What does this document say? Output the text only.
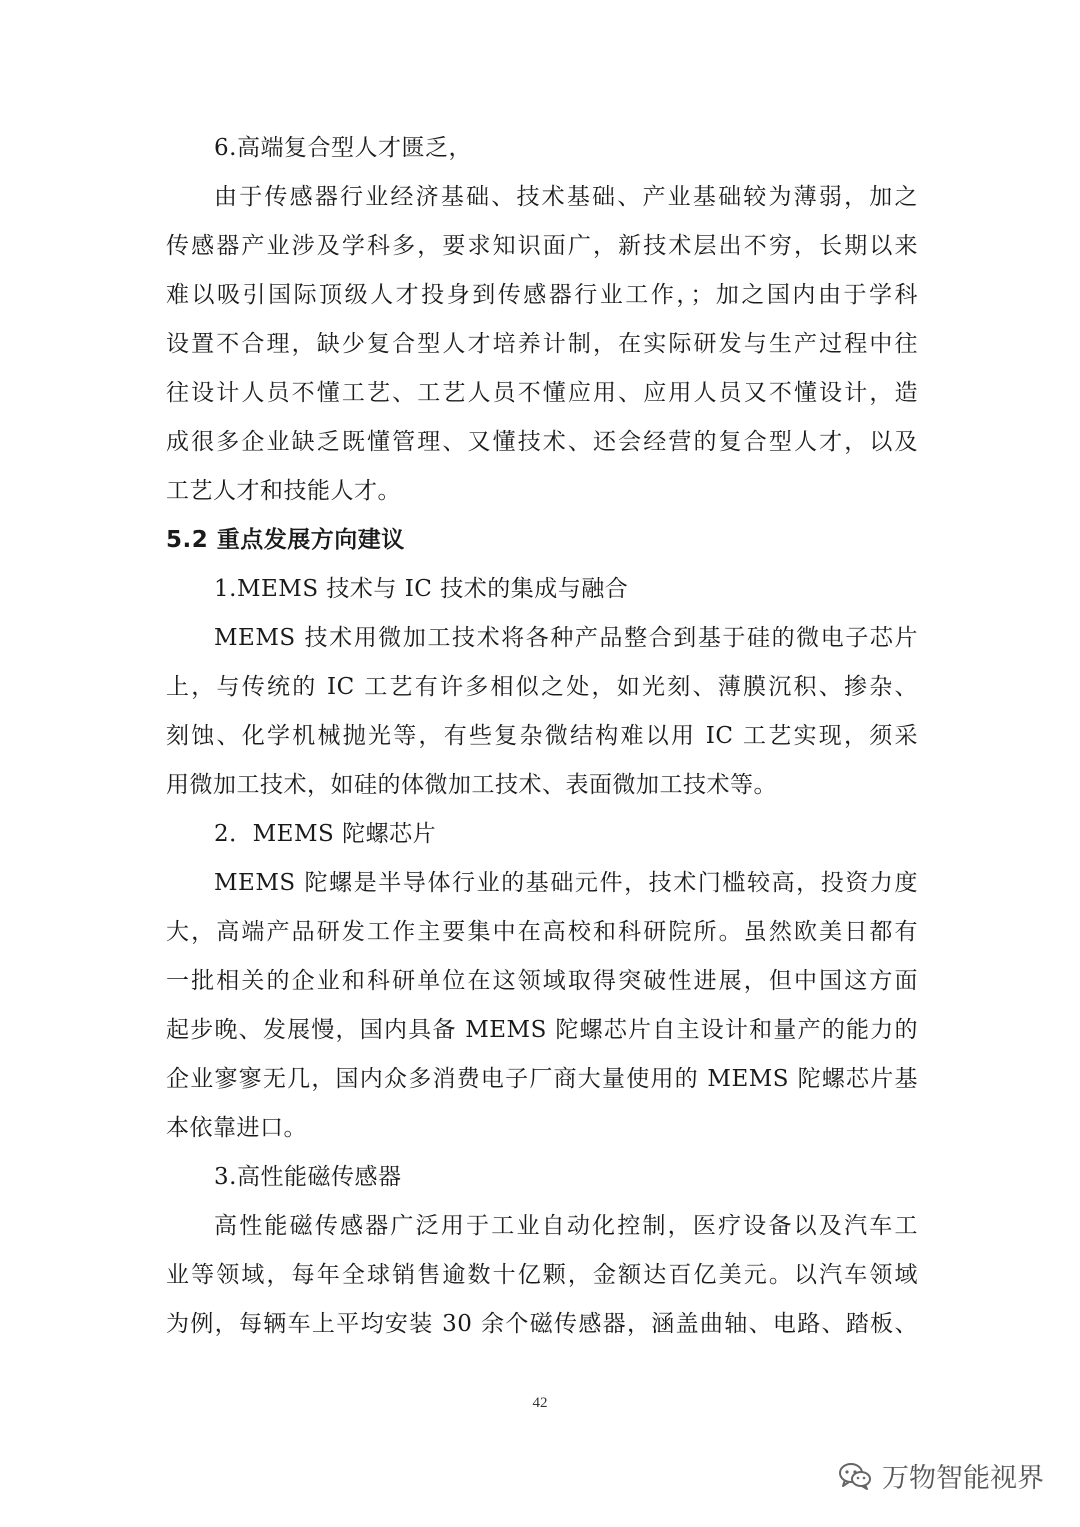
6.高端复合型人才匮乏，
由于传感器行业经济基础、技术基础、产业基础较为薄弱，加之
传感器产业涉及学科多，要求知识面广，新技术层出不穷，长期以来
难以吸引国际顶级人才投身到传感器行业工作，；加之国内由于学科
设置不合理，缺少复合型人才培养计制，在实际研发与生产过程中往
往设计人员不懂工艺、工艺人员不懂应用、应用人员又不懂设计，造
成很多企业缺乏既懂管理、又懂技术、还会经营的复合型人才，以及
工艺人才和技能人才。
5.2 重点发展方向建议
1.MEMS 技术与 IC 技术的集成与融合
MEMS 技术用微加工技术将各种产品整合到基于硅的微电子芯片
上，与传统的 IC 工艺有许多相似之处，如光刻、薄膜沉积、掺杂、
刻蚀、化学机械抛光等，有些复杂微结构难以用 IC 工艺实现，须采
用微加工技术，如硅的体微加工技术、表面微加工技术等。
2．MEMS 陀螺芯片
MEMS 陀螺是半导体行业的基础元件，技术门槛较高，投资力度
大，高端产品研发工作主要集中在高校和科研院所。虽然欧美日都有
一批相关的企业和科研单位在这领域取得突破性进展，但中国这方面
起步晚、发展慢，国内具备 MEMS 陀螺芯片自主设计和量产的能力的
企业寥寥无几，国内众多消费电子厂商大量使用的 MEMS 陀螺芯片基
本依靠进口。
3.高性能磁传感器
高性能磁传感器广泛用于工业自动化控制，医疗设备以及汽车工
业等领域，每年全球销售逾数十亿颗，金额达百亿美元。以汽车领域
为例，每辆车上平均安装 30 余个磁传感器，涵盖曲轴、电路、踏板、
42
万物智能视界
